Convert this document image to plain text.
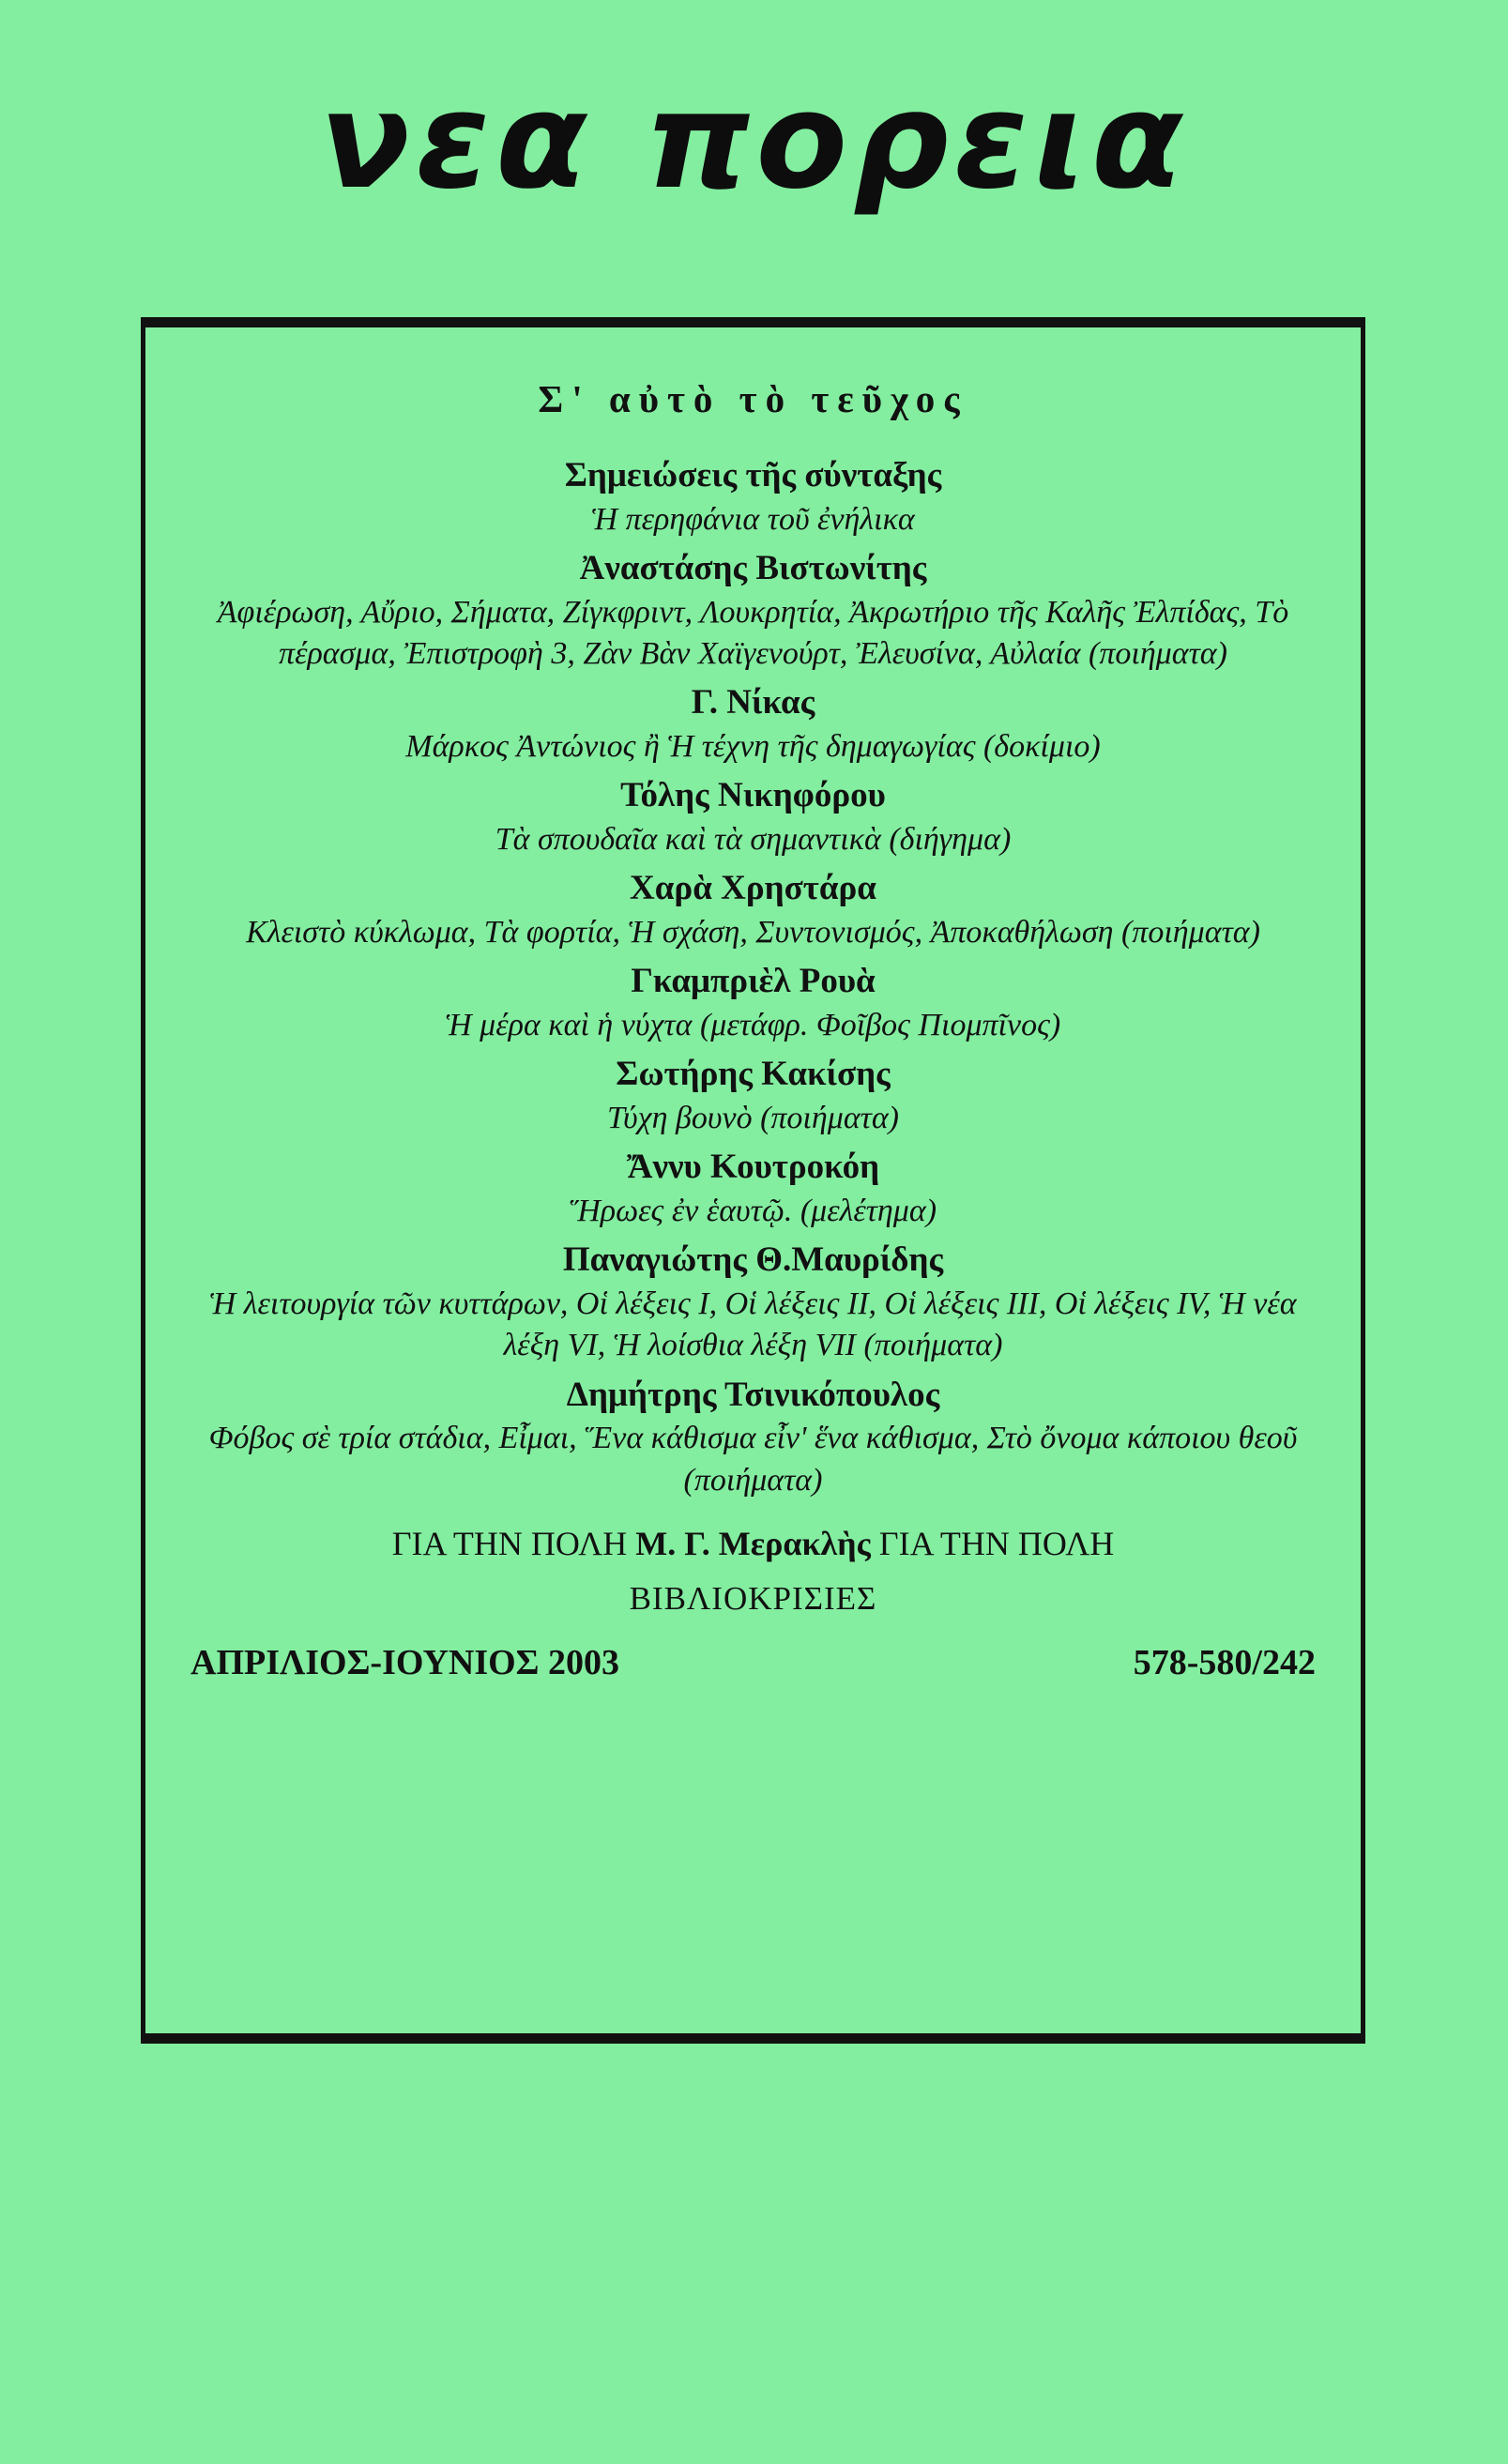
νεα πορεια
Σ' αὐτὸ τὸ τεῦχος
Σημειώσεις τῆς σύνταξης
Ἡ περηφάνια τοῦ ἐνήλικα
Ἀναστάσης Βιστωνίτης
Ἀφιέρωση, Αὔριο, Σήματα, Ζίγκφριντ, Λουκρητία, Ἀκρωτήριο τῆς Καλῆς Ἐλπίδας, Τὸ πέρασμα, Ἐπιστροφὴ 3, Ζὰν Βὰν Χαϊγενούρτ, Ἐλευσίνα, Αὐλαία (ποιήματα)
Γ. Νίκας
Μάρκος Ἀντώνιος ἢ Ἡ τέχνη τῆς δημαγωγίας (δοκίμιο)
Τόλης Νικηφόρου
Τὰ σπουδαῖα καὶ τὰ σημαντικὰ (διήγημα)
Χαρὰ Χρηστάρα
Κλειστὸ κύκλωμα, Τὰ φορτία, Ἡ σχάση, Συντονισμός, Ἀποκαθήλωση (ποιήματα)
Γκαμπριὲλ Ρουὰ
Ἡ μέρα καὶ ἡ νύχτα (μετάφρ. Φοῖβος Πιομπῖνος)
Σωτήρης Κακίσης
Τύχη βουνὸ (ποιήματα)
Ἄννυ Κουτροκόη
Ἥρωες ἐν ἑαυτῷ. (μελέτημα)
Παναγιώτης Θ.Μαυρίδης
Ἡ λειτουργία τῶν κυττάρων, Οἱ λέξεις Ι, Οἱ λέξεις ΙΙ, Οἱ λέξεις ΙΙΙ, Οἱ λέξεις IV, Ἡ νέα λέξη VI, Ἡ λοίσθια λέξη VII (ποιήματα)
Δημήτρης Τσινικόπουλος
Φόβος σὲ τρία στάδια, Εἶμαι, Ἕνα κάθισμα εἶν' ἕνα κάθισμα, Στὸ ὄνομα κάποιου θεοῦ (ποιήματα)
ΓΙΑ ΤΗΝ ΠΟΛΗ Μ. Γ. Μερακλὴς ΓΙΑ ΤΗΝ ΠΟΛΗ
ΒΙΒΛΙΟΚΡΙΣΙΕΣ
ΑΠΡΙΛΙΟΣ-ΙΟΥΝΙΟΣ 2003	578-580/242
